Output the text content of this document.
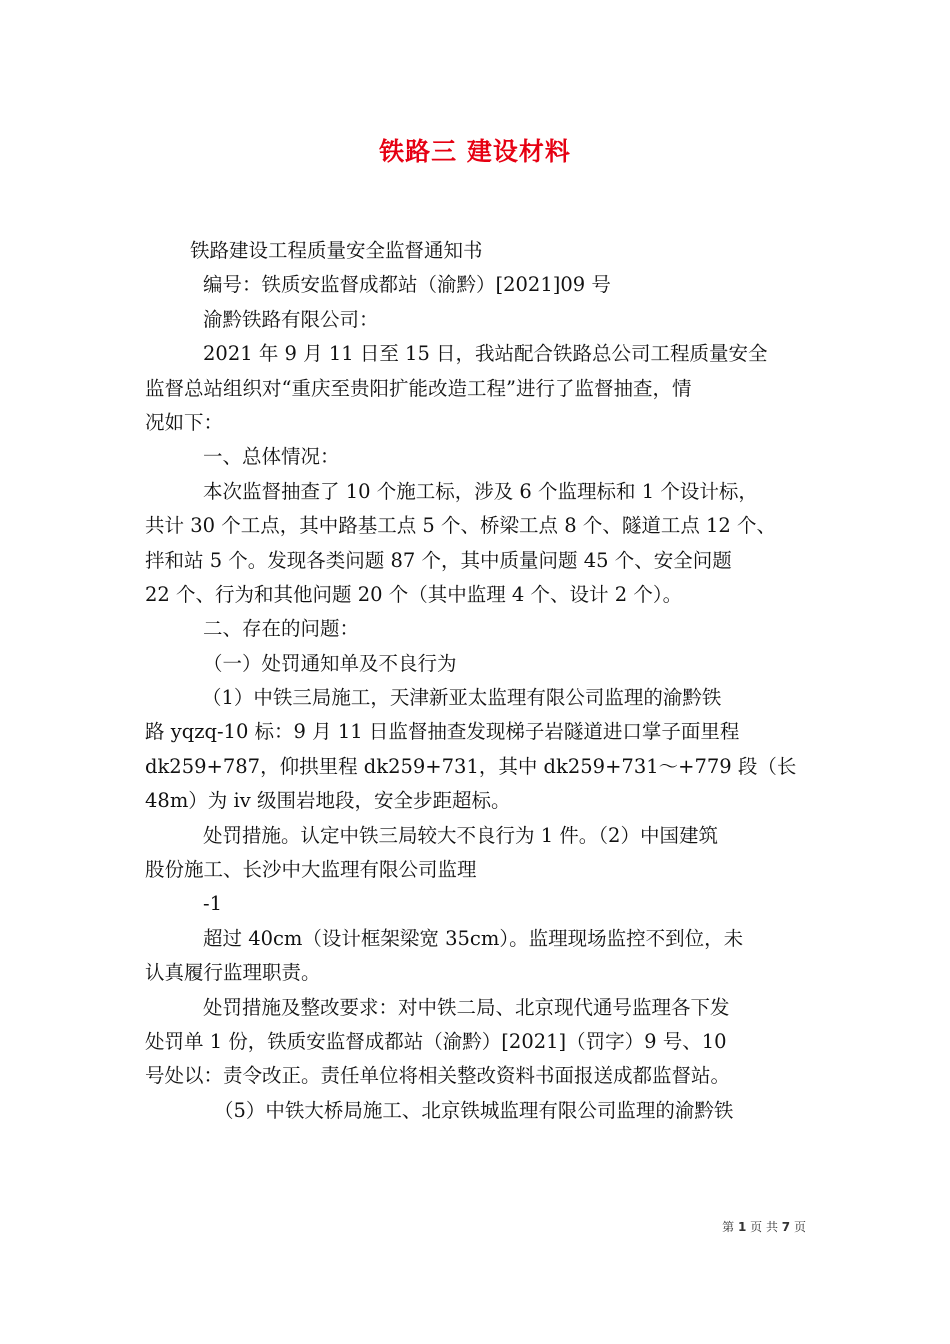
铁路三 建设材料
铁路建设工程质量安全监督通知书
编号：铁质安监督成都站（渝黔）[2021]09 号
渝黔铁路有限公司：
2021 年 9 月 11 日至 15 日，我站配合铁路总公司工程质量安全
监督总站组织对“重庆至贵阳扩能改造工程”进行了监督抽查，情
况如下：
一、总体情况：
本次监督抽查了 10 个施工标，涉及 6 个监理标和 1 个设计标，
共计 30 个工点，其中路基工点 5 个、桥梁工点 8 个、隧道工点 12 个、
拌和站 5 个。发现各类问题 87 个，其中质量问题 45 个、安全问题
22 个、行为和其他问题 20 个（其中监理 4 个、设计 2 个）。
二、存在的问题：
（一）处罚通知单及不良行为
（1）中铁三局施工，天津新亚太监理有限公司监理的渝黔铁
路 yqzq-10 标：9 月 11 日监督抽查发现梯子岩隧道进口掌子面里程
dk259+787，仰拱里程 dk259+731，其中 dk259+731～+779 段（长
48m）为 iv 级围岩地段，安全步距超标。
处罚措施。认定中铁三局较大不良行为 1 件。（2）中国建筑
股份施工、长沙中大监理有限公司监理
-1
超过 40cm（设计框架梁宽 35cm）。监理现场监控不到位，未
认真履行监理职责。
处罚措施及整改要求：对中铁二局、北京现代通号监理各下发
处罚单 1 份，铁质安监督成都站（渝黔）[2021]（罚字）9 号、10
号处以：责令改正。责任单位将相关整改资料书面报送成都监督站。
（5）中铁大桥局施工、北京铁城监理有限公司监理的渝黔铁
第 1 页 共 7 页
